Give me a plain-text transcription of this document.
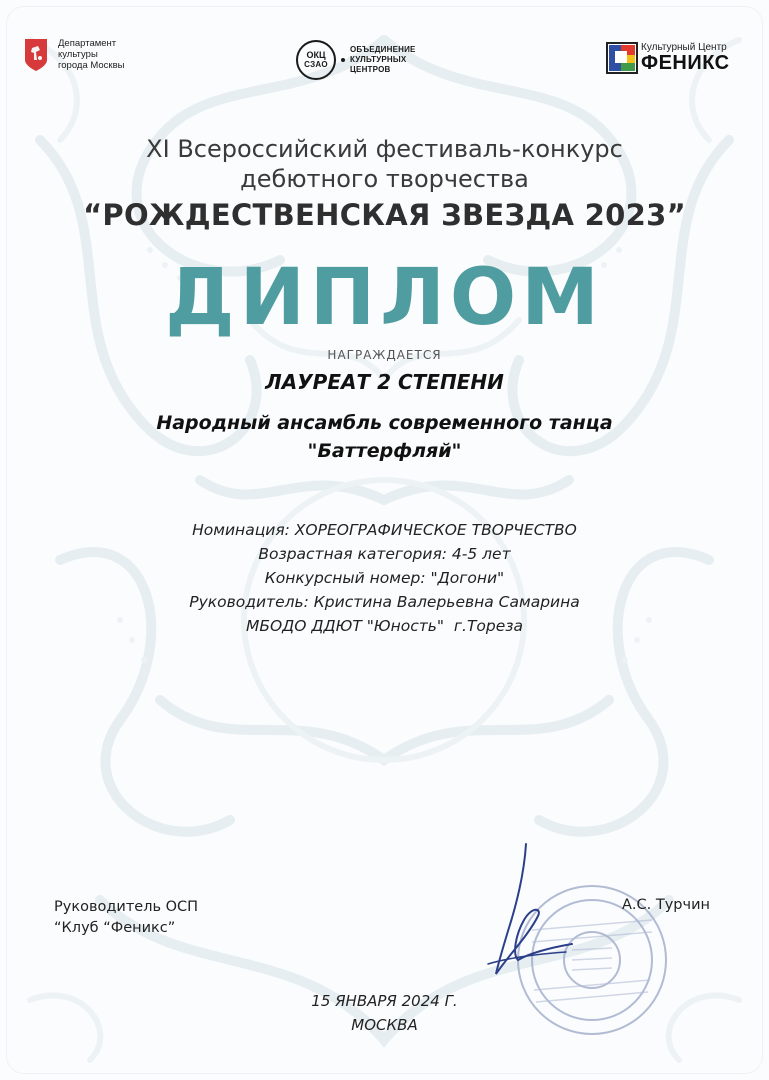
Департамент
культуры
города Москвы
ОКЦ
СЗАО
ОБЪЕДИНЕНИЕ
КУЛЬТУРНЫХ
ЦЕНТРОВ
Культурный Центр
ФЕНИКС
XI Всероссийский фестиваль-конкурс
дебютного творчества
“РОЖДЕСТВЕНСКАЯ ЗВЕЗДА 2023”
ДИПЛОМ
НАГРАЖДАЕТСЯ
ЛАУРЕАТ 2 СТЕПЕНИ
Народный ансамбль современного танца
"Баттерфляй"
Номинация: ХОРЕОГРАФИЧЕСКОЕ ТВОРЧЕСТВО
Возрастная категория: 4-5 лет
Конкурсный номер: "Догони"
Руководитель: Кристина Валерьевна Самарина
МБОДО ДДЮТ "Юность"  г.Тореза
Руководитель ОСП
“Клуб “Феникс”
А.С. Турчин
15 ЯНВАРЯ 2024 Г.
МОСКВА
